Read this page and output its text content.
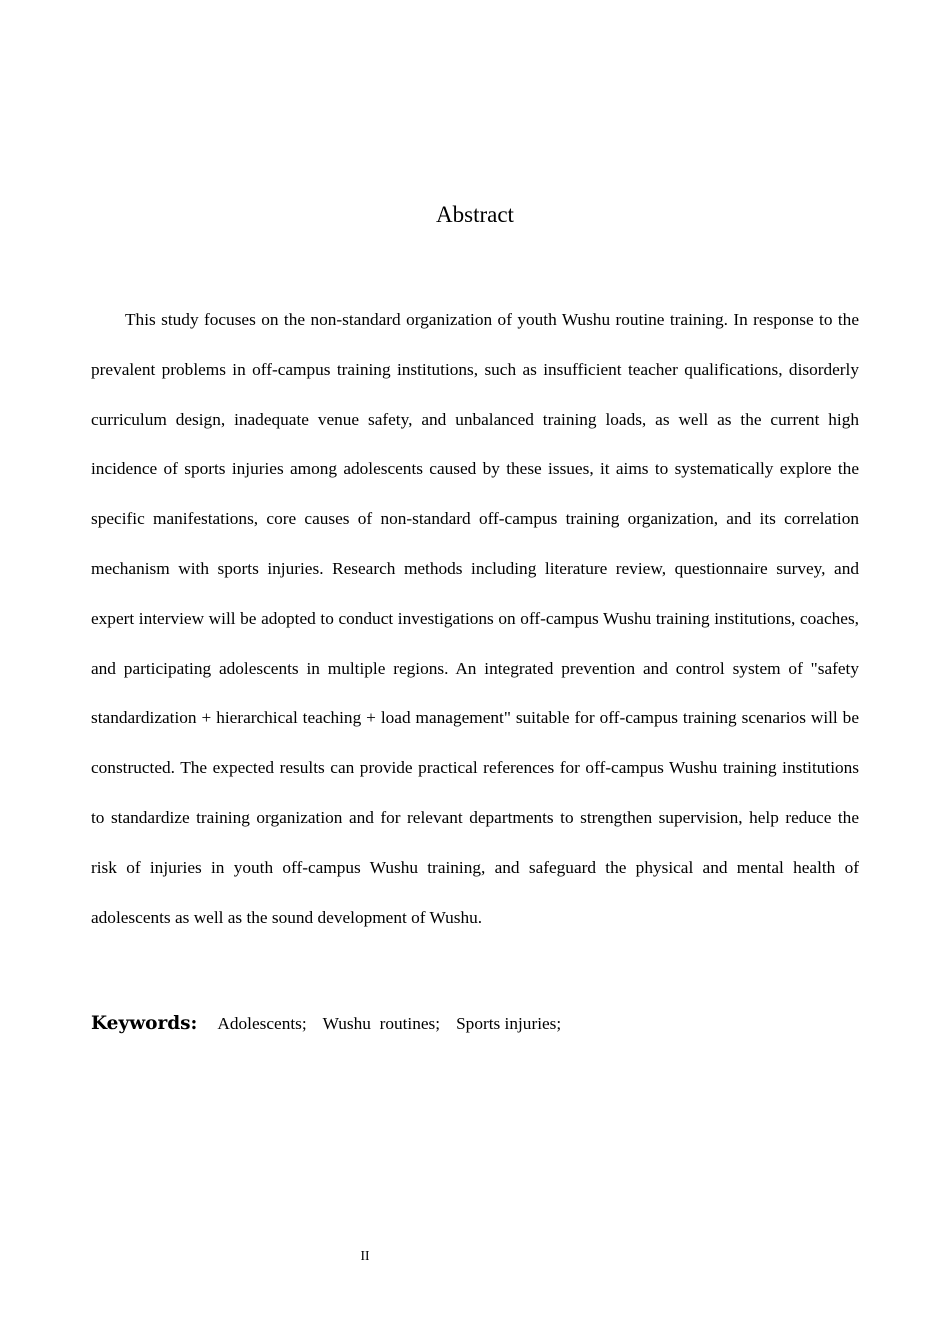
Abstract

This study focuses on the non-standard organization of youth Wushu routine training. In response to the prevalent problems in off-campus training institutions, such as insufficient teacher qualifications, disorderly curriculum design, inadequate venue safety, and unbalanced training loads, as well as the current high incidence of sports injuries among adolescents caused by these issues, it aims to systematically explore the specific manifestations, core causes of non-standard off-campus training organization, and its correlation mechanism with sports injuries. Research methods including literature review, questionnaire survey, and expert interview will be adopted to conduct investigations on off-campus Wushu training institutions, coaches, and participating adolescents in multiple regions. An integrated prevention and control system of "safety standardization + hierarchical teaching + load management" suitable for off-campus training scenarios will be constructed. The expected results can provide practical references for off-campus Wushu training institutions to standardize training organization and for relevant departments to strengthen supervision, help reduce the risk of injuries in youth off-campus Wushu training, and safeguard the physical and mental health of adolescents as well as the sound development of Wushu.

Keywords: Adolescents; Wushu  routines; Sports injuries;
II
